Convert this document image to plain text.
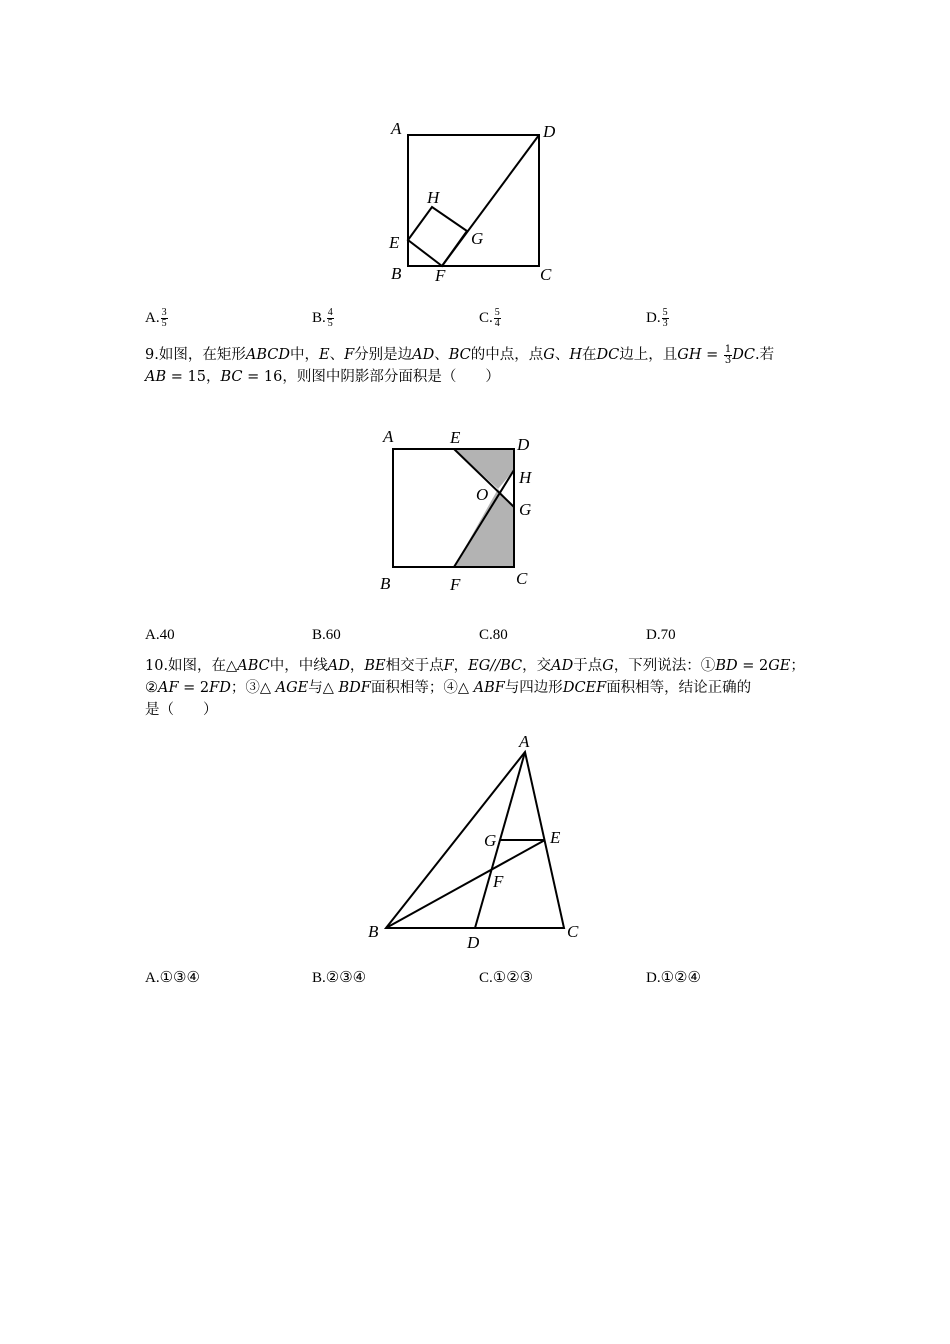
A	D
H
E	G
B F	C
A. $\frac{3}{5}$	B. $\frac{4}{5}$	C. $\frac{5}{4}$	D. $\frac{5}{3}$
9.如图，在矩形ABCD中，E、F分别是边AD、BC的中点，点G、H在DC边上，且GH = $\frac{1}{3}$ DC.若
AB = 15，BC = 16，则图中阴影部分面积是（　　）
A	E	D
H
O
G
B	F	C
A.40	B.60	C.80	D.70
10.如图，在△ABC中，中线AD，BE相交于点F，EG//BC，交AD于点G，下列说法：①BD = 2GE；
②AF = 2FD；③△ AGE与△ BDF面积相等；④△ ABF与四边形DCEF面积相等，结论正确的
是（　　）
A
G	E
F
B
D
C
A.①③④	B.②③④	C.①②③	D.①②④
